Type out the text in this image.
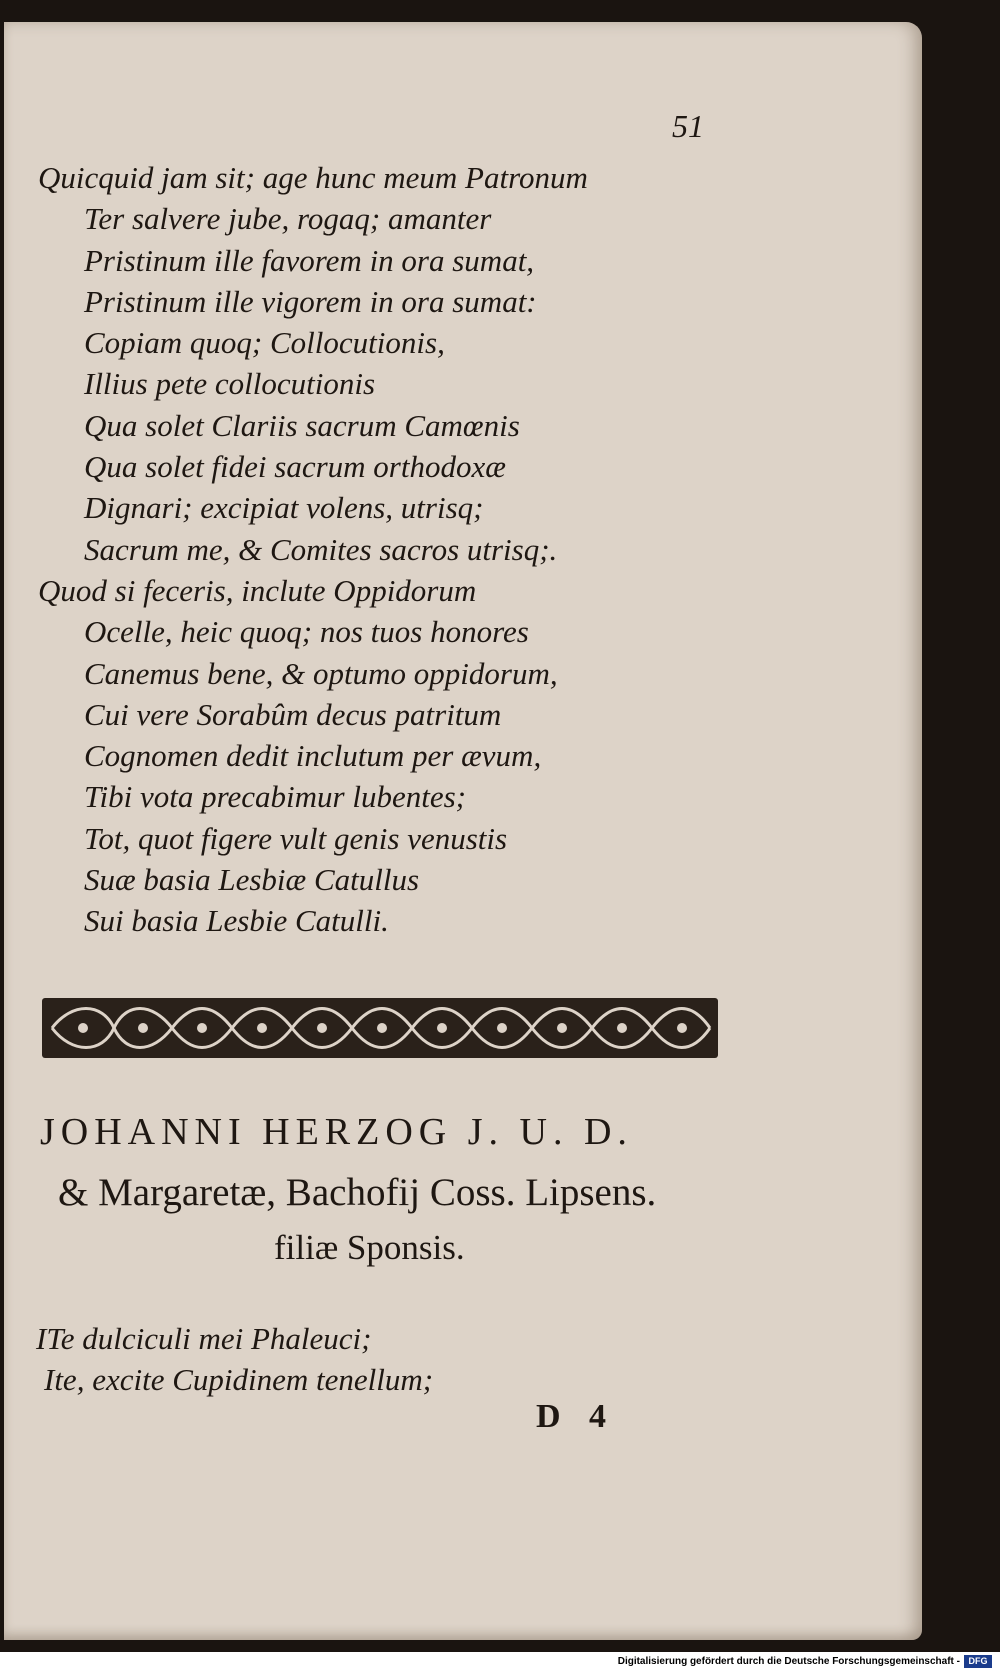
51
Quicquid jam sit; age hunc meum Patronum
Ter salvere jube, rogaq; amanter
Pristinum ille favorem in ora sumat,
Pristinum ille vigorem in ora sumat:
Copiam quoq; Collocutionis,
Illius pete collocutionis
Qua solet Clariis sacrum Camœnis
Qua solet fidei sacrum orthodoxæ
Dignari; excipiat volens, utrisq;
Sacrum me, & Comites sacros utrisq;.
Quod si feceris, inclute Oppidorum
Ocelle, heic quoq; nos tuos honores
Canemus bene, & optumo oppidorum,
Cui vere Sorabûm decus patritum
Cognomen dedit inclutum per ævum,
Tibi vota precabimur lubentes;
Tot, quot figere vult genis venustis
Suæ basia Lesbiæ Catullus
Sui basia Lesbie Catulli.
JOHANNI HERZOG J. U. D.
& Margaretæ, Bachofij Coss. Lipsens.
filiæ Sponsis.
ITe dulciculi mei Phaleuci;
Ite, excite Cupidinem tenellum;
D 4
Digitalisierung gefördert durch die Deutsche Forschungsgemeinschaft - DFG
